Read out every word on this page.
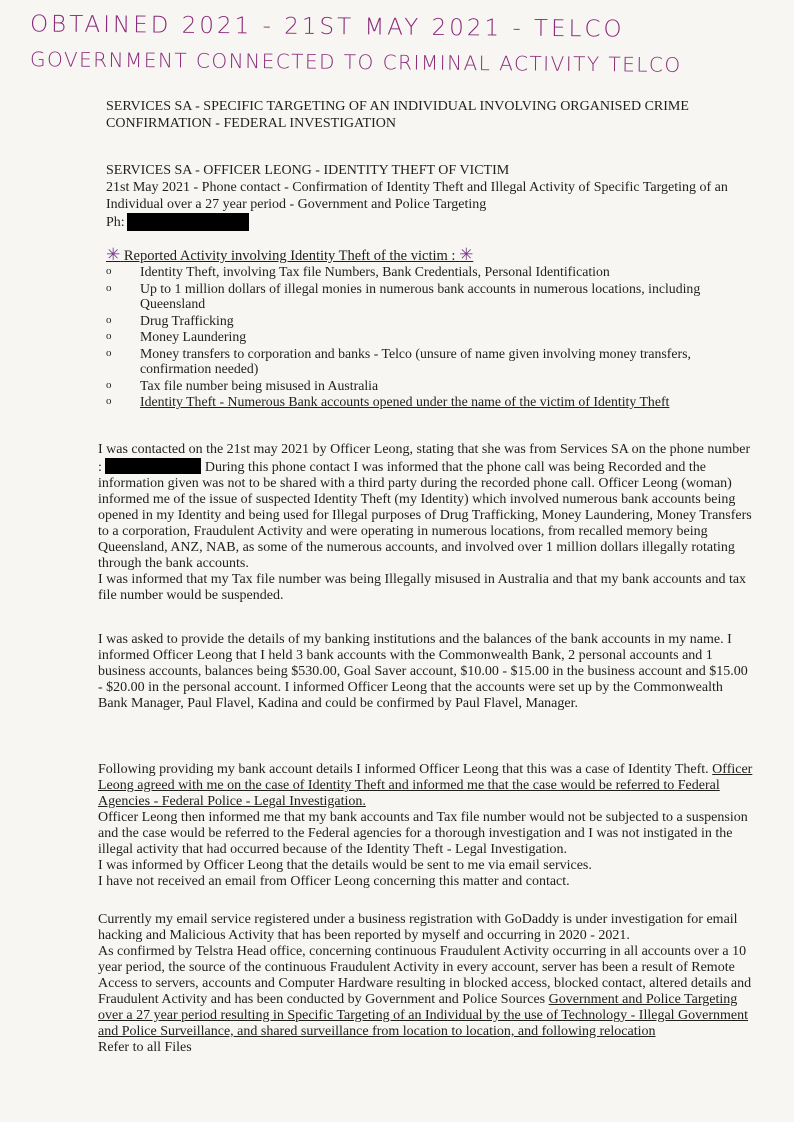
OBTAINED 2021 - 21ST MAY 2021 - TELCO
GOVERNMENT CONNECTED TO CRIMINAL ACTIVITY TELCO
SERVICES SA - SPECIFIC TARGETING OF AN INDIVIDUAL INVOLVING ORGANISED CRIME CONFIRMATION - FEDERAL INVESTIGATION
SERVICES SA - OFFICER LEONG - IDENTITY THEFT OF VICTIM
21st May 2021 - Phone contact - Confirmation of Identity Theft and Illegal Activity of Specific Targeting of an Individual over a 27 year period - Government and Police Targeting
Ph:
✳ Reported Activity involving Identity Theft of the victim : ✳
o Identity Theft, involving Tax file Numbers, Bank Credentials, Personal Identification
o Up to 1 million dollars of illegal monies in numerous bank accounts in numerous locations, including Queensland
o Drug Trafficking
o Money Laundering
o Money transfers to corporation and banks - Telco (unsure of name given involving money transfers, confirmation needed)
o Tax file number being misused in Australia
o Identity Theft - Numerous Bank accounts opened under the name of the victim of Identity Theft

I was contacted on the 21st may 2021 by Officer Leong, stating that she was from Services SA on the phone number :	During this phone contact I was informed that the phone call was being Recorded and the information given was not to be shared with a third party during the recorded phone call. Officer Leong (woman) informed me of the issue of suspected Identity Theft (my Identity) which involved numerous bank accounts being opened in my Identity and being used for Illegal purposes of Drug Trafficking, Money Laundering, Money Transfers to a corporation, Fraudulent Activity and were operating in numerous locations, from recalled memory being Queensland, ANZ, NAB, as some of the numerous accounts, and involved over 1 million dollars illegally rotating through the bank accounts.
I was informed that my Tax file number was being Illegally misused in Australia and that my bank accounts and tax file number would be suspended.

I was asked to provide the details of my banking institutions and the balances of the bank accounts in my name. I informed Officer Leong that I held 3 bank accounts with the Commonwealth Bank, 2 personal accounts and 1 business accounts, balances being $530.00, Goal Saver account, $10.00 - $15.00 in the business account and $15.00 - $20.00 in the personal account. I informed Officer Leong that the accounts were set up by the Commonwealth Bank Manager, Paul Flavel, Kadina and could be confirmed by Paul Flavel, Manager.

Following providing my bank account details I informed Officer Leong that this was a case of Identity Theft. Officer Leong agreed with me on the case of Identity Theft and informed me that the case would be referred to Federal Agencies - Federal Police - Legal Investigation.
Officer Leong then informed me that my bank accounts and Tax file number would not be subjected to a suspension and the case would be referred to the Federal agencies for a thorough investigation and I was not instigated in the illegal activity that had occurred because of the Identity Theft - Legal Investigation.
I was informed by Officer Leong that the details would be sent to me via email services.
I have not received an email from Officer Leong concerning this matter and contact.

Currently my email service registered under a business registration with GoDaddy is under investigation for email hacking and Malicious Activity that has been reported by myself and occurring in 2020 - 2021.
As confirmed by Telstra Head office, concerning continuous Fraudulent Activity occurring in all accounts over a 10 year period, the source of the continuous Fraudulent Activity in every account, server has been a result of Remote Access to servers, accounts and Computer Hardware resulting in blocked access, blocked contact, altered details and Fraudulent Activity and has been conducted by Government and Police Sources Government and Police Targeting over a 27 year period resulting in Specific Targeting of an Individual by the use of Technology - Illegal Government and Police Surveillance, and shared surveillance from location to location, and following relocation
Refer to all Files
